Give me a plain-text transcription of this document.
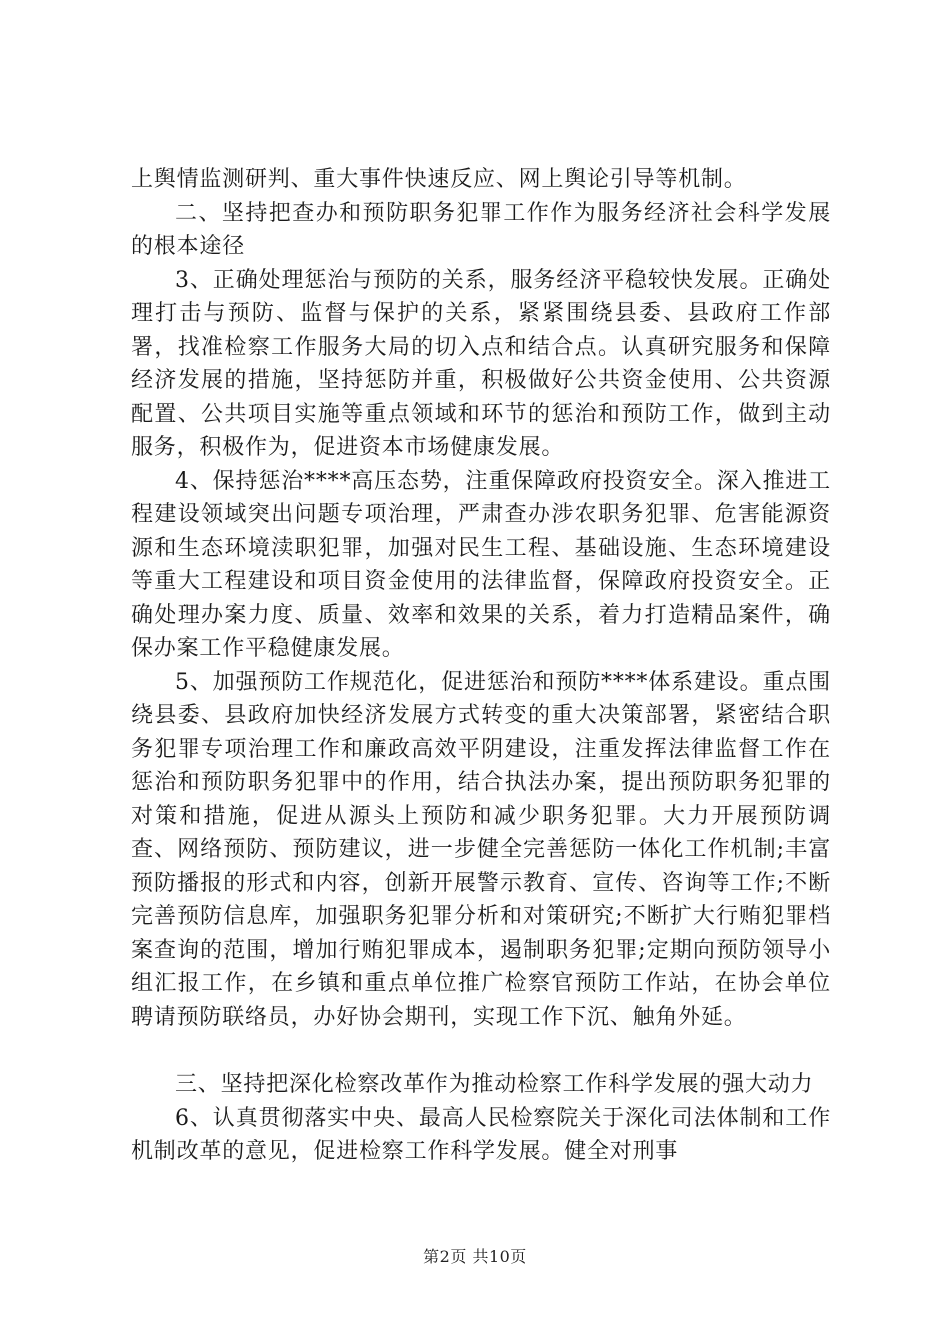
上舆情监测研判、重大事件快速反应、网上舆论引导等机制。

二、坚持把查办和预防职务犯罪工作作为服务经济社会科学发展的根本途径

3、正确处理惩治与预防的关系，服务经济平稳较快发展。正确处理打击与预防、监督与保护的关系，紧紧围绕县委、县政府工作部署，找准检察工作服务大局的切入点和结合点。认真研究服务和保障经济发展的措施，坚持惩防并重，积极做好公共资金使用、公共资源配置、公共项目实施等重点领域和环节的惩治和预防工作，做到主动服务，积极作为，促进资本市场健康发展。

4、保持惩治****高压态势，注重保障政府投资安全。深入推进工程建设领域突出问题专项治理，严肃查办涉农职务犯罪、危害能源资源和生态环境渎职犯罪，加强对民生工程、基础设施、生态环境建设等重大工程建设和项目资金使用的法律监督，保障政府投资安全。正确处理办案力度、质量、效率和效果的关系，着力打造精品案件，确保办案工作平稳健康发展。

5、加强预防工作规范化，促进惩治和预防****体系建设。重点围绕县委、县政府加快经济发展方式转变的重大决策部署，紧密结合职务犯罪专项治理工作和廉政高效平阴建设，注重发挥法律监督工作在惩治和预防职务犯罪中的作用，结合执法办案，提出预防职务犯罪的对策和措施，促进从源头上预防和减少职务犯罪。大力开展预防调查、网络预防、预防建议，进一步健全完善惩防一体化工作机制;丰富预防播报的形式和内容，创新开展警示教育、宣传、咨询等工作;不断完善预防信息库，加强职务犯罪分析和对策研究;不断扩大行贿犯罪档案查询的范围，增加行贿犯罪成本，遏制职务犯罪;定期向预防领导小组汇报工作，在乡镇和重点单位推广检察官预防工作站，在协会单位聘请预防联络员，办好协会期刊，实现工作下沉、触角外延。

三、坚持把深化检察改革作为推动检察工作科学发展的强大动力

6、认真贯彻落实中央、最高人民检察院关于深化司法体制和工作机制改革的意见，促进检察工作科学发展。健全对刑事

第2页 共10页
